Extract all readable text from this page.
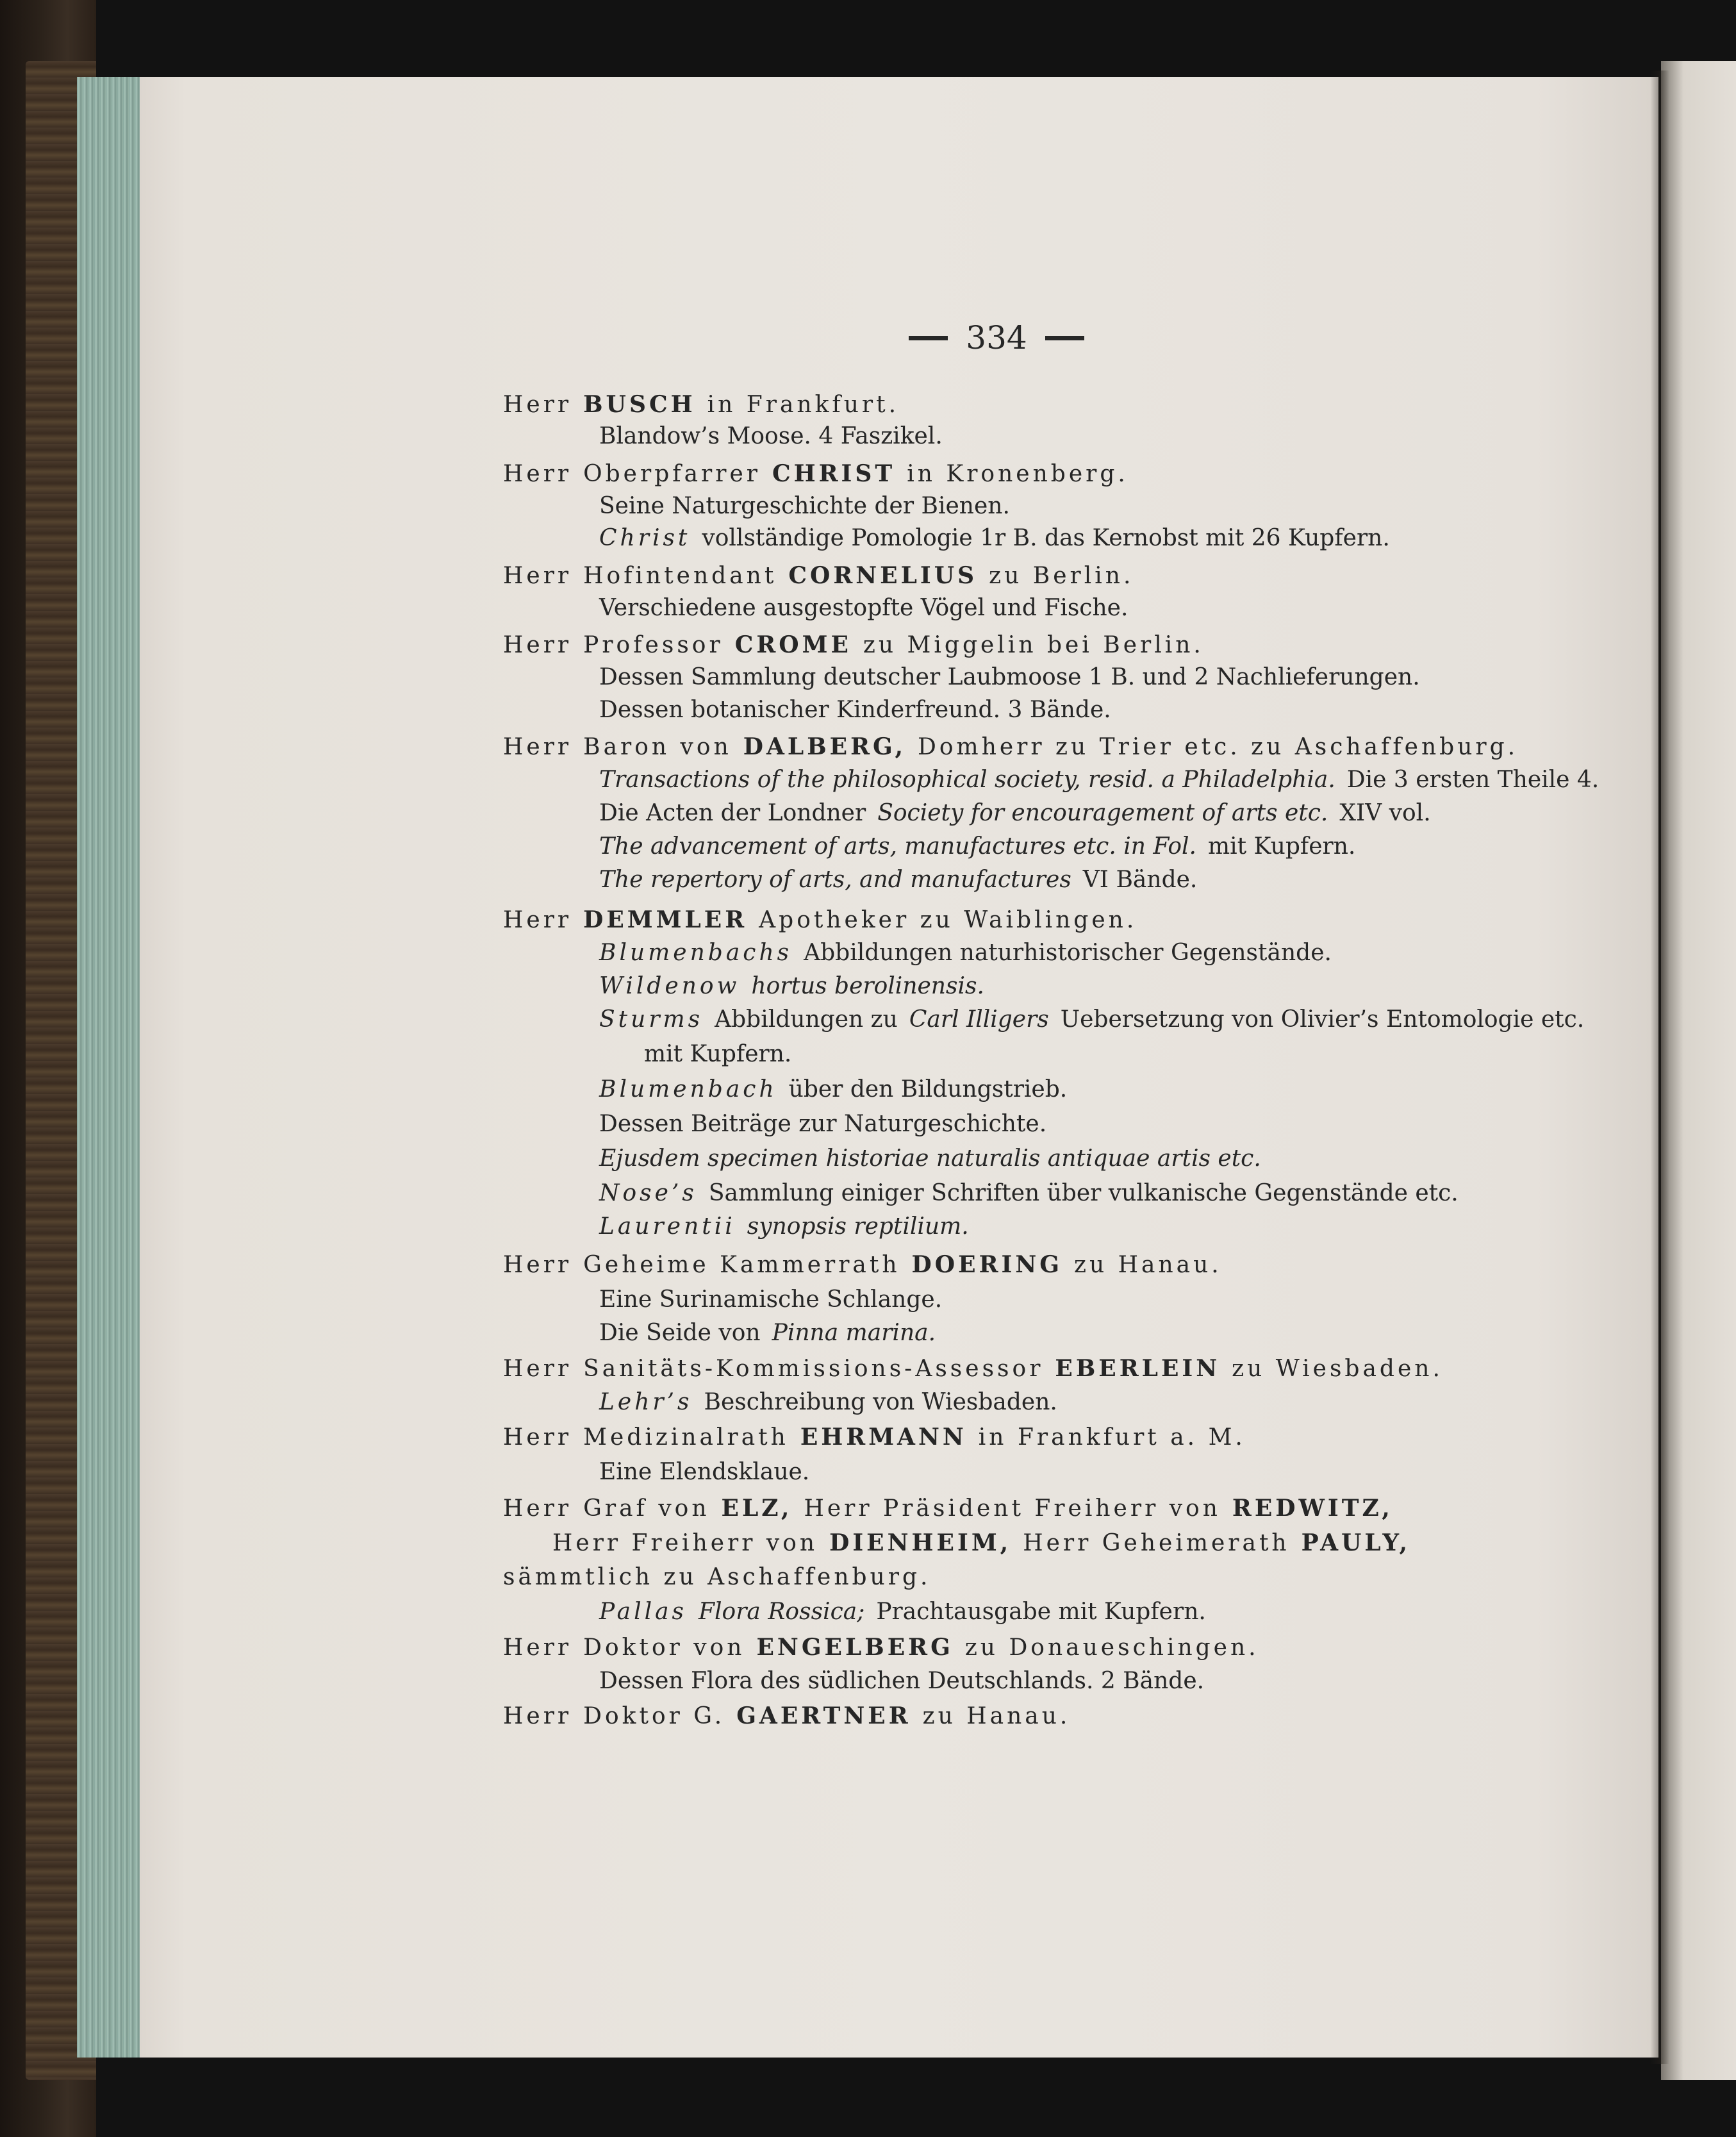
334
Herr BUSCH in Frankfurt.
Blandow’s Moose. 4 Faszikel.
Herr Oberpfarrer CHRIST in Kronenberg.
Seine Naturgeschichte der Bienen.
Christ vollständige Pomologie 1r B. das Kernobst mit 26 Kupfern.
Herr Hofintendant CORNELIUS zu Berlin.
Verschiedene ausgestopfte Vögel und Fische.
Herr Professor CROME zu Miggelin bei Berlin.
Dessen Sammlung deutscher Laubmoose 1 B. und 2 Nachlieferungen.
Dessen botanischer Kinderfreund. 3 Bände.
Herr Baron von DALBERG, Domherr zu Trier etc. zu Aschaffenburg.
Transactions of the philosophical society, resid. a Philadelphia. Die 3 ersten Theile 4.
Die Acten der Londner Society for encouragement of arts etc. XIV vol.
The advancement of arts, manufactures etc. in Fol. mit Kupfern.
The repertory of arts, and manufactures VI Bände.
Herr DEMMLER Apotheker zu Waiblingen.
Blumenbachs Abbildungen naturhistorischer Gegenstände.
Wildenow hortus berolinensis.
Sturms Abbildungen zu Carl Illigers Uebersetzung von Olivier’s Entomologie etc.
mit Kupfern.
Blumenbach über den Bildungstrieb.
Dessen Beiträge zur Naturgeschichte.
Ejusdem specimen historiae naturalis antiquae artis etc.
Nose’s Sammlung einiger Schriften über vulkanische Gegenstände etc.
Laurentii synopsis reptilium.
Herr Geheime Kammerrath DOERING zu Hanau.
Eine Surinamische Schlange.
Die Seide von Pinna marina.
Herr Sanitäts-Kommissions-Assessor EBERLEIN zu Wiesbaden.
Lehr’s Beschreibung von Wiesbaden.
Herr Medizinalrath EHRMANN in Frankfurt a. M.
Eine Elendsklaue.
Herr Graf von ELZ, Herr Präsident Freiherr von REDWITZ,
Herr Freiherr von DIENHEIM, Herr Geheimerath PAULY,
sämmtlich zu Aschaffenburg.
Pallas Flora Rossica; Prachtausgabe mit Kupfern.
Herr Doktor von ENGELBERG zu Donaueschingen.
Dessen Flora des südlichen Deutschlands. 2 Bände.
Herr Doktor G. GAERTNER zu Hanau.
